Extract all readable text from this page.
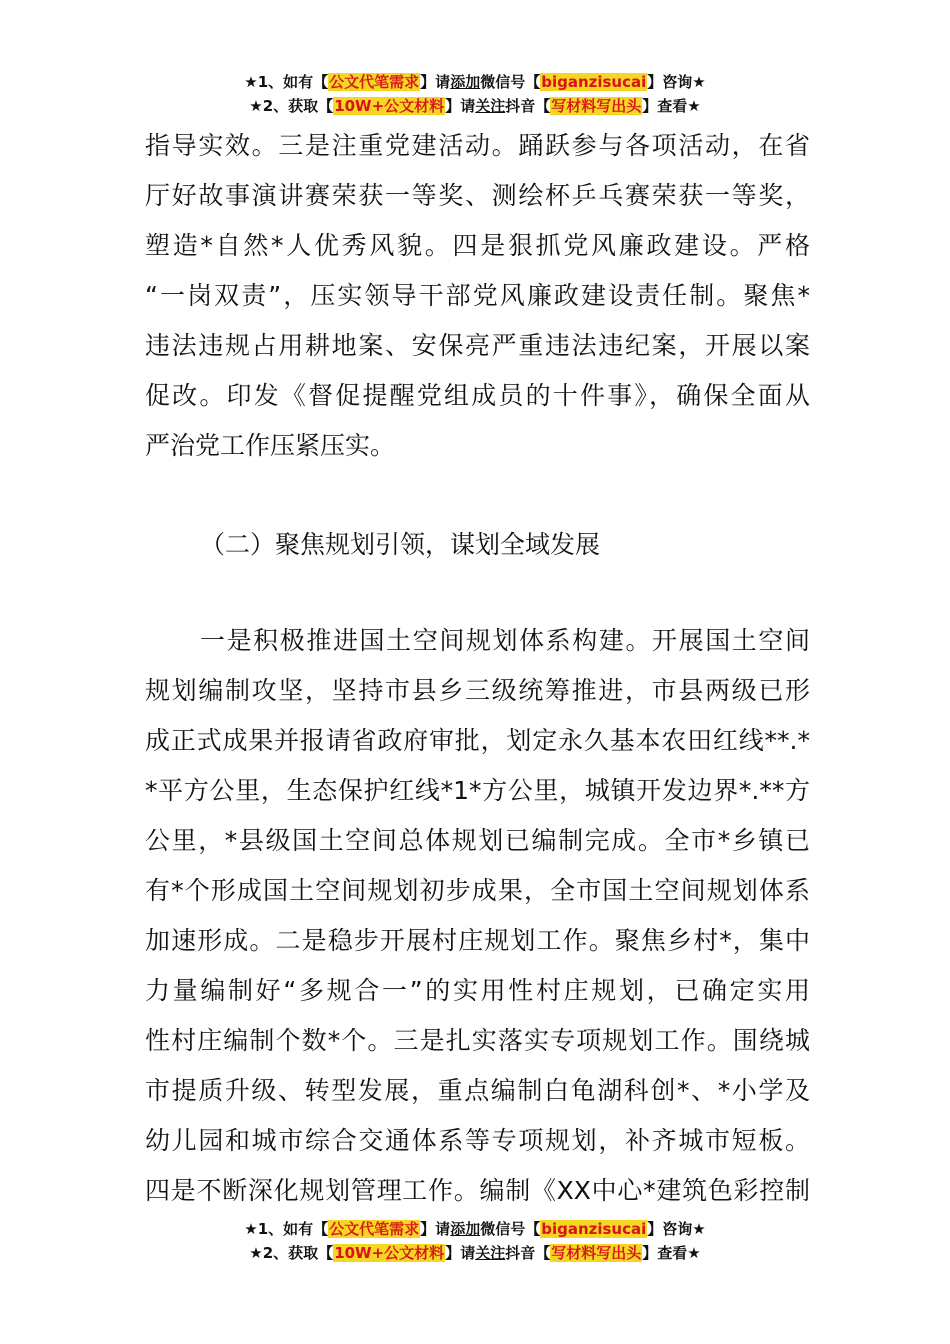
★1、如有【公文代笔需求】请添加微信号【biganzisucai】咨询★
★2、获取【10W+公文材料】请关注抖音【写材料写出头】查看★
指导实效。三是注重党建活动。踊跃参与各项活动，在省
厅好故事演讲赛荣获一等奖、测绘杯乒乓赛荣获一等奖，
塑造*自然*人优秀风貌。四是狠抓党风廉政建设。严格
“一岗双责”，压实领导干部党风廉政建设责任制。聚焦*
违法违规占用耕地案、安保亮严重违法违纪案，开展以案
促改。印发《督促提醒党组成员的十件事》，确保全面从
严治党工作压紧压实。
（二）聚焦规划引领，谋划全域发展
一是积极推进国土空间规划体系构建。开展国土空间
规划编制攻坚，坚持市县乡三级统筹推进，市县两级已形
成正式成果并报请省政府审批，划定永久基本农田红线**.*
*平方公里，生态保护红线*1*方公里，城镇开发边界*.**方
公里，*县级国土空间总体规划已编制完成。全市*乡镇已
有*个形成国土空间规划初步成果，全市国土空间规划体系
加速形成。二是稳步开展村庄规划工作。聚焦乡村*，集中
力量编制好“多规合一”的实用性村庄规划，已确定实用
性村庄编制个数*个。三是扎实落实专项规划工作。围绕城
市提质升级、转型发展，重点编制白龟湖科创*、*小学及
幼儿园和城市综合交通体系等专项规划，补齐城市短板。
四是不断深化规划管理工作。编制《XX中心*建筑色彩控制
★1、如有【公文代笔需求】请添加微信号【biganzisucai】咨询★
★2、获取【10W+公文材料】请关注抖音【写材料写出头】查看★
